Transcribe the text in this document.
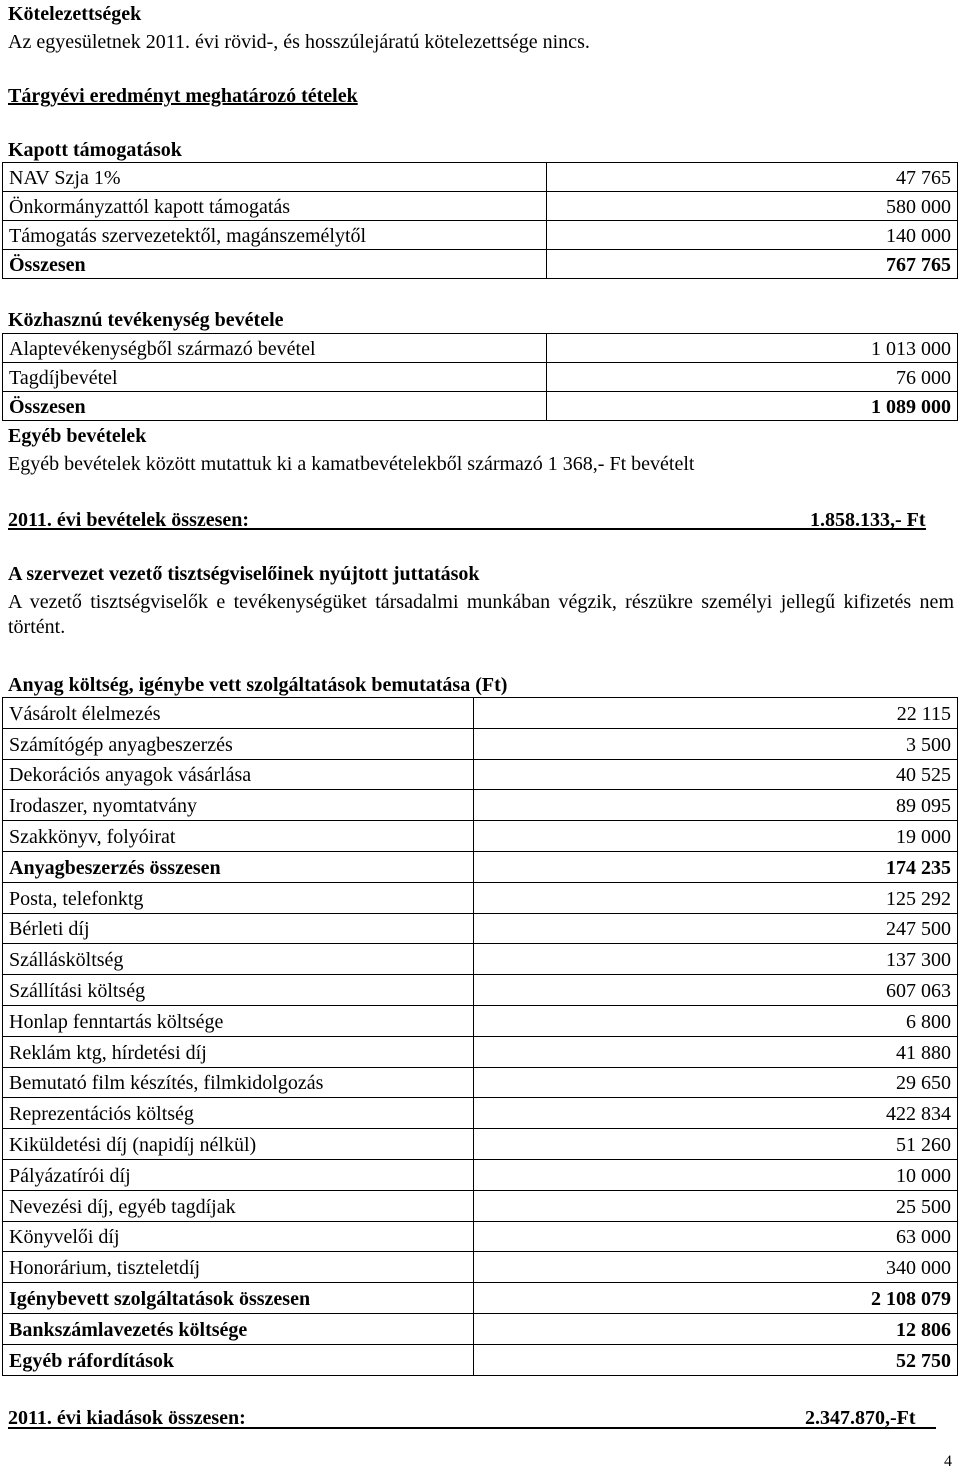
Kötelezettségek
Az egyesületnek 2011. évi rövid-, és hosszúlejáratú kötelezettsége nincs.
Tárgyévi eredményt meghatározó tételek
Kapott támogatások
NAV Szja 1%	47 765
Önkormányzattól kapott támogatás	580 000
Támogatás szervezetektől, magánszemélytől	140 000
Összesen	767 765
Közhasznú tevékenység bevétele
Alaptevékenységből származó bevétel	1 013 000
Tagdíjbevétel	76 000
Összesen	1 089 000
Egyéb bevételek
Egyéb bevételek között mutattuk ki a kamatbevételekből származó 1 368,- Ft bevételt
2011. évi bevételek összesen:	1.858.133,- Ft
A szervezet vezető tisztségviselőinek nyújtott juttatások
A vezető tisztségviselők e tevékenységüket társadalmi munkában végzik, részükre személyi jellegű kifizetés nem történt.
Anyag költség, igénybe vett szolgáltatások bemutatása (Ft)
Vásárolt élelmezés	22 115
Számítógép anyagbeszerzés	3 500
Dekorációs anyagok vásárlása	40 525
Irodaszer, nyomtatvány	89 095
Szakkönyv, folyóirat	19 000
Anyagbeszerzés összesen	174 235
Posta, telefonktg	125 292
Bérleti díj	247 500
Szállásköltség	137 300
Szállítási költség	607 063
Honlap fenntartás költsége	6 800
Reklám ktg, hírdetési díj	41 880
Bemutató film készítés, filmkidolgozás	29 650
Reprezentációs költség	422 834
Kiküldetési díj (napidíj nélkül)	51 260
Pályázatírói díj	10 000
Nevezési díj, egyéb tagdíjak	25 500
Könyvelői díj	63 000
Honorárium, tiszteletdíj	340 000
Igénybevett szolgáltatások összesen	2 108 079
Bankszámlavezetés költsége	12 806
Egyéb ráfordítások	52 750
2011. évi kiadások összesen:	2.347.870,-Ft
4
